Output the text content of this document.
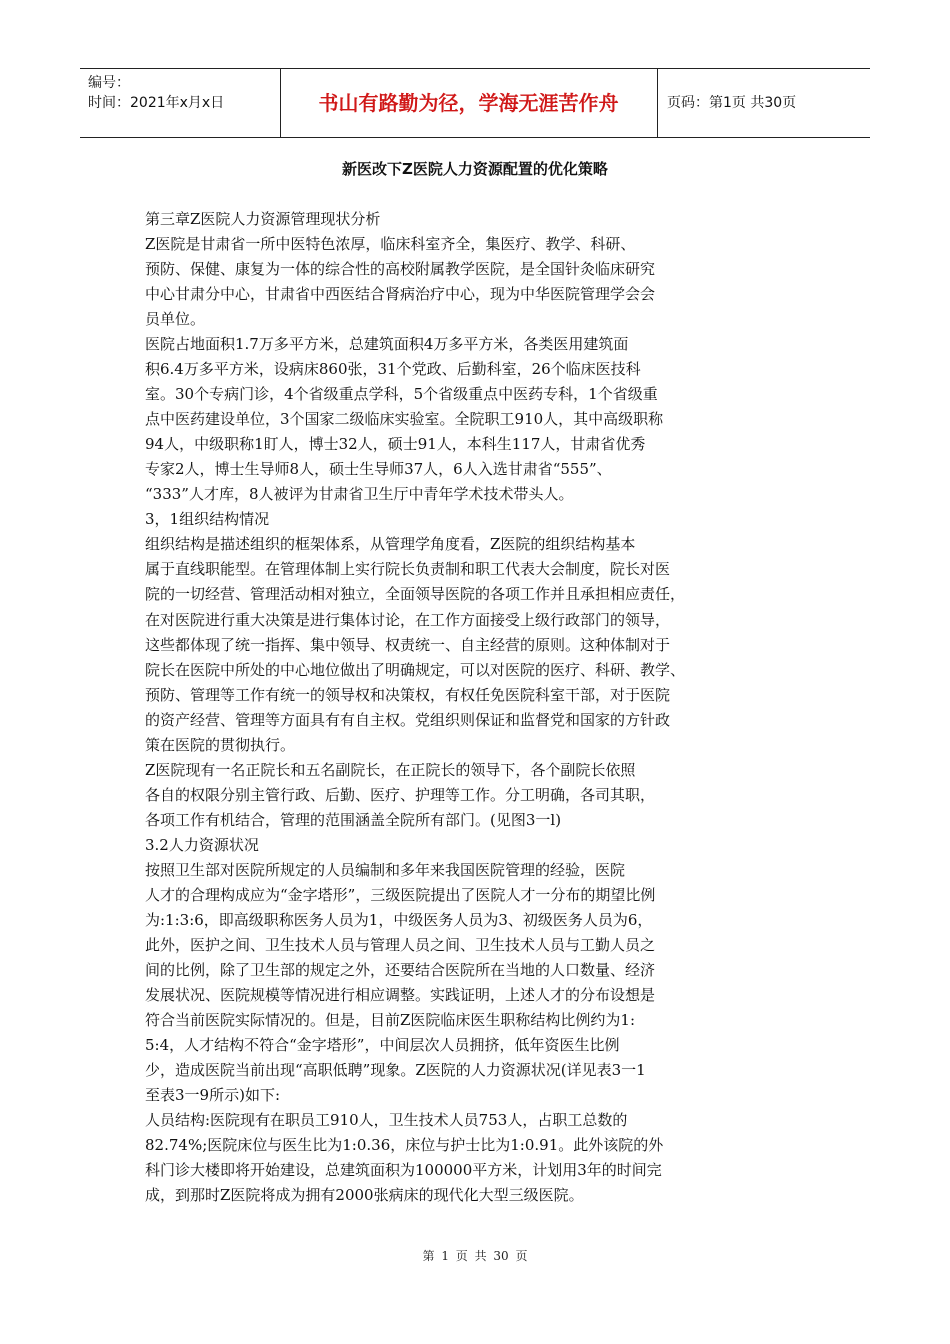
编号：
时间：2021年x月x日	书山有路勤为径，学海无涯苦作舟	页码：第1页 共30页
新医改下Z医院人力资源配置的优化策略
第三章Z医院人力资源管理现状分析
Z医院是甘肃省一所中医特色浓厚，临床科室齐全，集医疗、教学、科研、
预防、保健、康复为一体的综合性的高校附属教学医院，是全国针灸临床研究
中心甘肃分中心，甘肃省中西医结合肾病治疗中心，现为中华医院管理学会会
员单位。
医院占地面积1.7万多平方米，总建筑面积4万多平方米，各类医用建筑面
积6.4万多平方米，设病床860张，31个党政、后勤科室，26个临床医技科
室。30个专病门诊，4个省级重点学科，5个省级重点中医药专科，1个省级重
点中医药建设单位，3个国家二级临床实验室。全院职工910人，其中高级职称
94人，中级职称1盯人，博士32人，硕士91人，本科生117人，甘肃省优秀
专家2人，博士生导师8人，硕士生导师37人，6人入选甘肃省“555”、
“333”人才库，8人被评为甘肃省卫生厅中青年学术技术带头人。
3，1组织结构情况
组织结构是描述组织的框架体系，从管理学角度看，Z医院的组织结构基本
属于直线职能型。在管理体制上实行院长负责制和职工代表大会制度，院长对医
院的一切经营、管理活动相对独立，全面领导医院的各项工作并且承担相应责任，
在对医院进行重大决策是进行集体讨论，在工作方面接受上级行政部门的领导，
这些都体现了统一指挥、集中领导、权责统一、自主经营的原则。这种体制对于
院长在医院中所处的中心地位做出了明确规定，可以对医院的医疗、科研、教学、
预防、管理等工作有统一的领导权和决策权，有权任免医院科室干部，对于医院
的资产经营、管理等方面具有有自主权。党组织则保证和监督党和国家的方针政
策在医院的贯彻执行。
Z医院现有一名正院长和五名副院长，在正院长的领导下，各个副院长依照
各自的权限分别主管行政、后勤、医疗、护理等工作。分工明确，各司其职，
各项工作有机结合，管理的范围涵盖全院所有部门。(见图3一l)
3.2人力资源状况
按照卫生部对医院所规定的人员编制和多年来我国医院管理的经验，医院
人才的合理构成应为“金字塔形”，三级医院提出了医院人才一分布的期望比例
为:1:3:6，即高级职称医务人员为1，中级医务人员为3、初级医务人员为6，
此外，医护之间、卫生技术人员与管理人员之间、卫生技术人员与工勤人员之
间的比例，除了卫生部的规定之外，还要结合医院所在当地的人口数量、经济
发展状况、医院规模等情况进行相应调整。实践证明，上述人才的分布设想是
符合当前医院实际情况的。但是，目前Z医院临床医生职称结构比例约为1:
5:4，人才结构不符合“金字塔形”，中间层次人员拥挤，低年资医生比例
少，造成医院当前出现“高职低聘”现象。Z医院的人力资源状况(详见表3一1
至表3一9所示)如下:
人员结构:医院现有在职员工910人，卫生技术人员753人，占职工总数的
82.74%;医院床位与医生比为1:0.36，床位与护士比为1:0.91。此外该院的外
科门诊大楼即将开始建设，总建筑面积为100000平方米，计划用3年的时间完
成，到那时Z医院将成为拥有2000张病床的现代化大型三级医院。
第 1 页 共 30 页
